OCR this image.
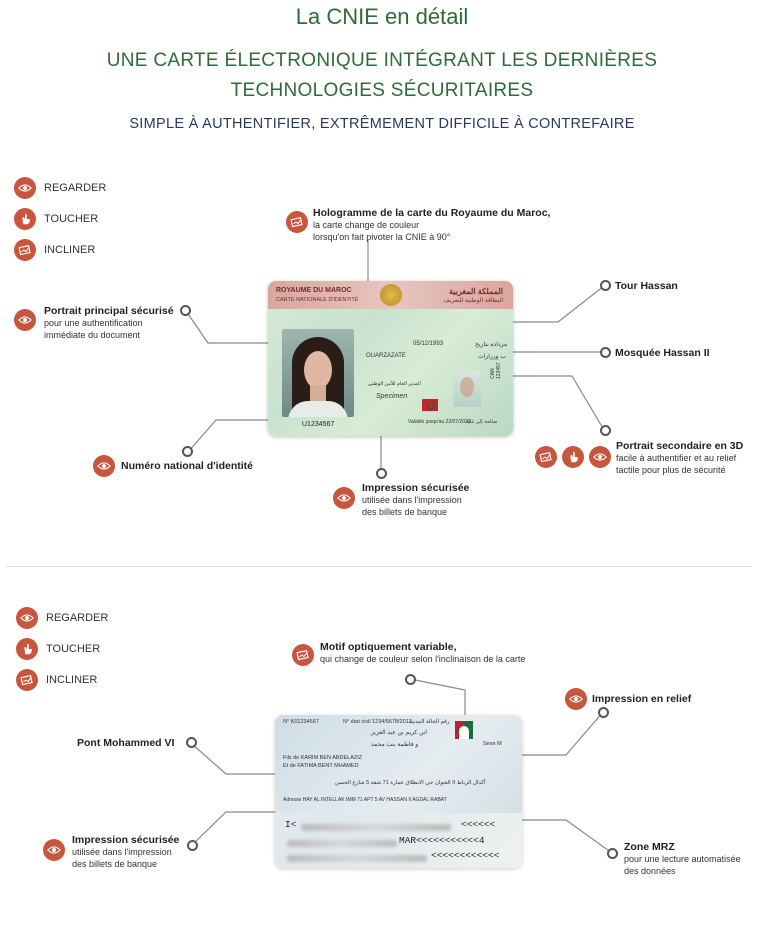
La CNIE en détail
UNE CARTE ÉLECTRONIQUE INTÉGRANT LES DERNIÈRES TECHNOLOGIES SÉCURITAIRES
SIMPLE À AUTHENTIFIER, EXTRÊMEMENT DIFFICILE À CONTREFAIRE
REGARDER
TOUCHER
INCLINER
ROYAUME DU MAROC
CARTE NATIONALE D'IDENTITÉ
المملكة المغربية
البطاقة الوطنية للتعريف
05/12/1993	مزدادة بتاريخ
OUARZAZATE	ب ورزازات
المدير العام للأمن الوطني
Specimen
CAN 123457
Valable jusqu'au 22/07/2029
صالحة إلى غاية
U1234567
Hologramme de la carte du Royaume du Maroc,
la carte change de couleur
lorsqu'on fait pivoter la CNIE à 90°
Portrait principal sécurisé
pour une authentification
immédiate du document
Tour Hassan
Mosquée Hassan II
Portrait secondaire en 3D
facile à authentifier et au relief
tactile pour plus de sécurité
Numéro national d'identité
Impression sécurisée
utilisée dans l'impression
des billets de banque
REGARDER
TOUCHER
INCLINER
N° K01234567	N° état civil 1234/5678/2012
رقم الحالة المدنية
ابن كريم بن عبد العزيز
و فاطمة بنت محمد	Sexe M
Fils de KARIM BEN ABDELAZIZ
Et de FATIMA BENT MHAMED
العنوان حي الانطلاق عمارة 71 شقة 5 شارع الحسن II أكدال الرباط
Adresse HAY AL INTELLAK IMM 71 APT 5 AV HASSAN II AGDAL RABAT
I<	<<<<<<
MAR<<<<<<<<<<<4
<<<<<<<<<<<<
Motif optiquement variable,
qui change de couleur selon l'inclinaison de la carte
Impression en relief
Pont Mohammed VI
Impression sécurisée
utilisée dans l'impression
des billets de banque
Zone MRZ
pour une lecture automatisée
des données
